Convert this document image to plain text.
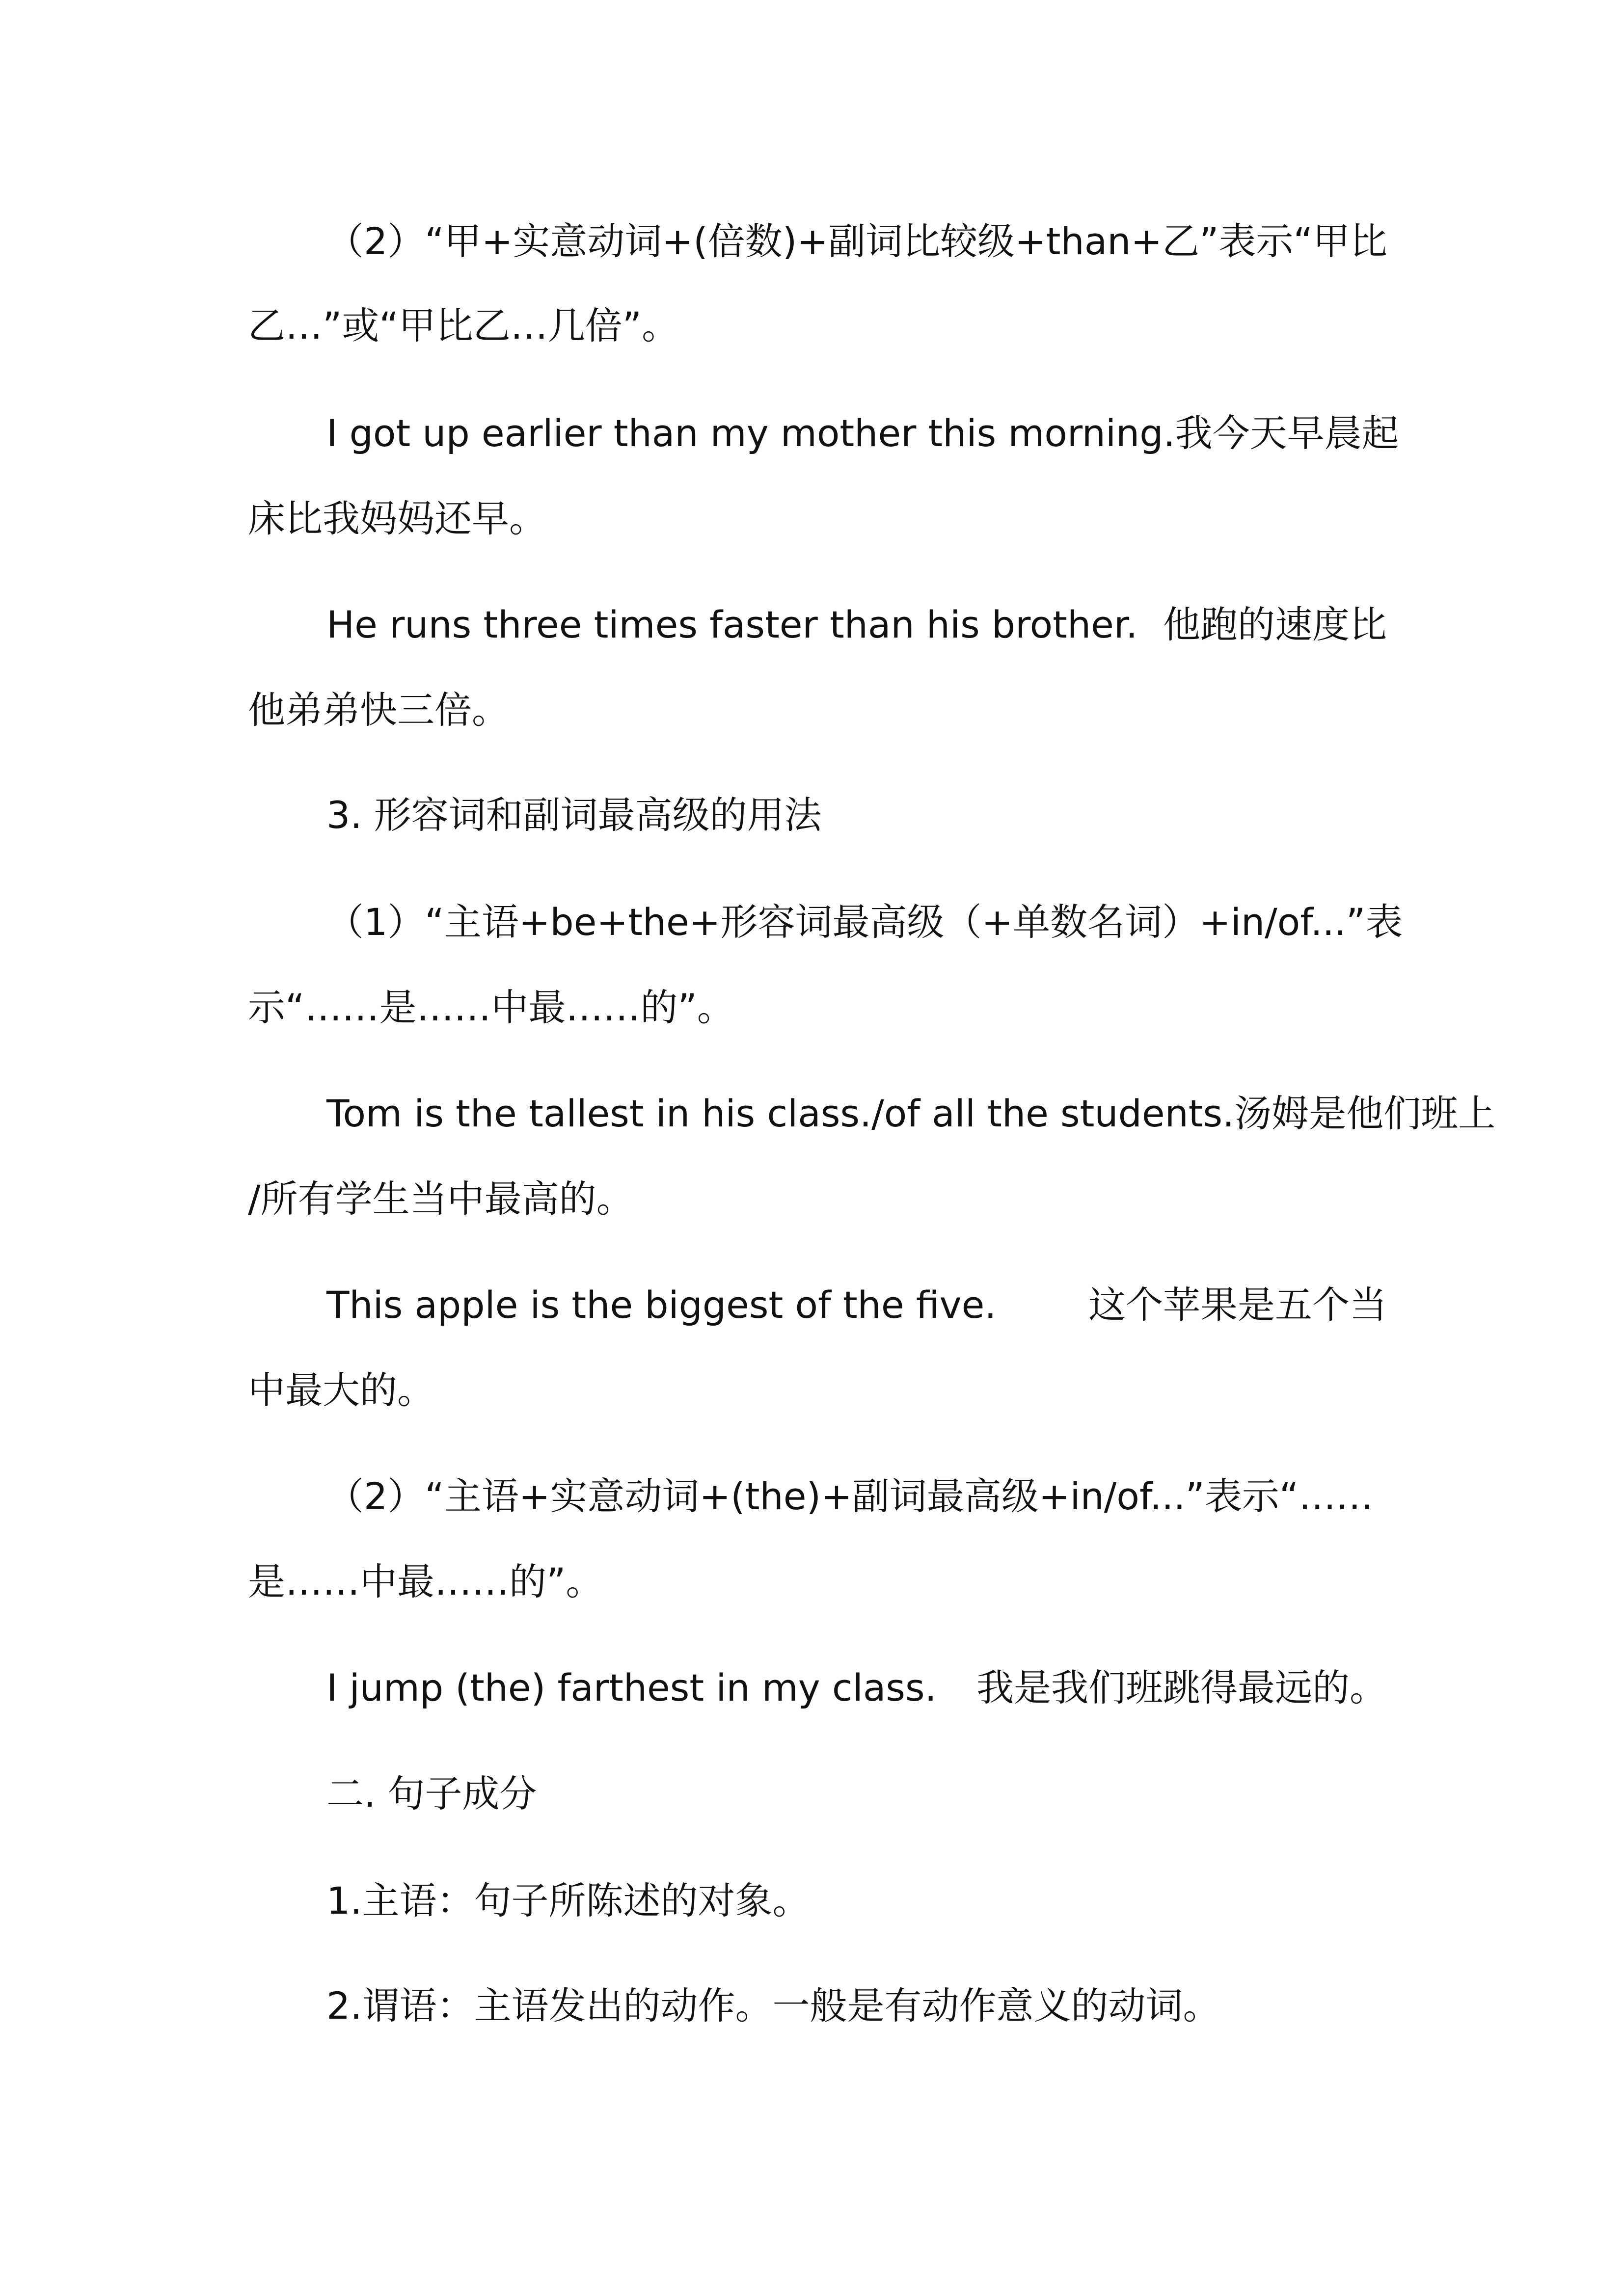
（2）“甲+实意动词+(倍数)+副词比较级+than+乙”表示“甲比
乙…”或“甲比乙…几倍”。
I got up earlier than my mother this morning. 我今天早晨起
床比我妈妈还早。
He runs three times faster than his brother. 他跑的速度比
他弟弟快三倍。
3. 形容词和副词最高级的用法
（1）“主语+be+the+形容词最高级（+单数名词）+in/of...”表
示“……是……中最……的”。
Tom is the tallest in his class./of all the students.汤姆是他们班上
/所有学生当中最高的。
This apple is the biggest of the five. 这个苹果是五个当
中最大的。
（2）“主语+实意动词+(the)+副词最高级+in/of...”表示“……
是……中最……的”。
I jump (the) farthest in my class. 我是我们班跳得最远的。
二. 句子成分
1.主语：句子所陈述的对象。
2.谓语：主语发出的动作。一般是有动作意义的动词。
